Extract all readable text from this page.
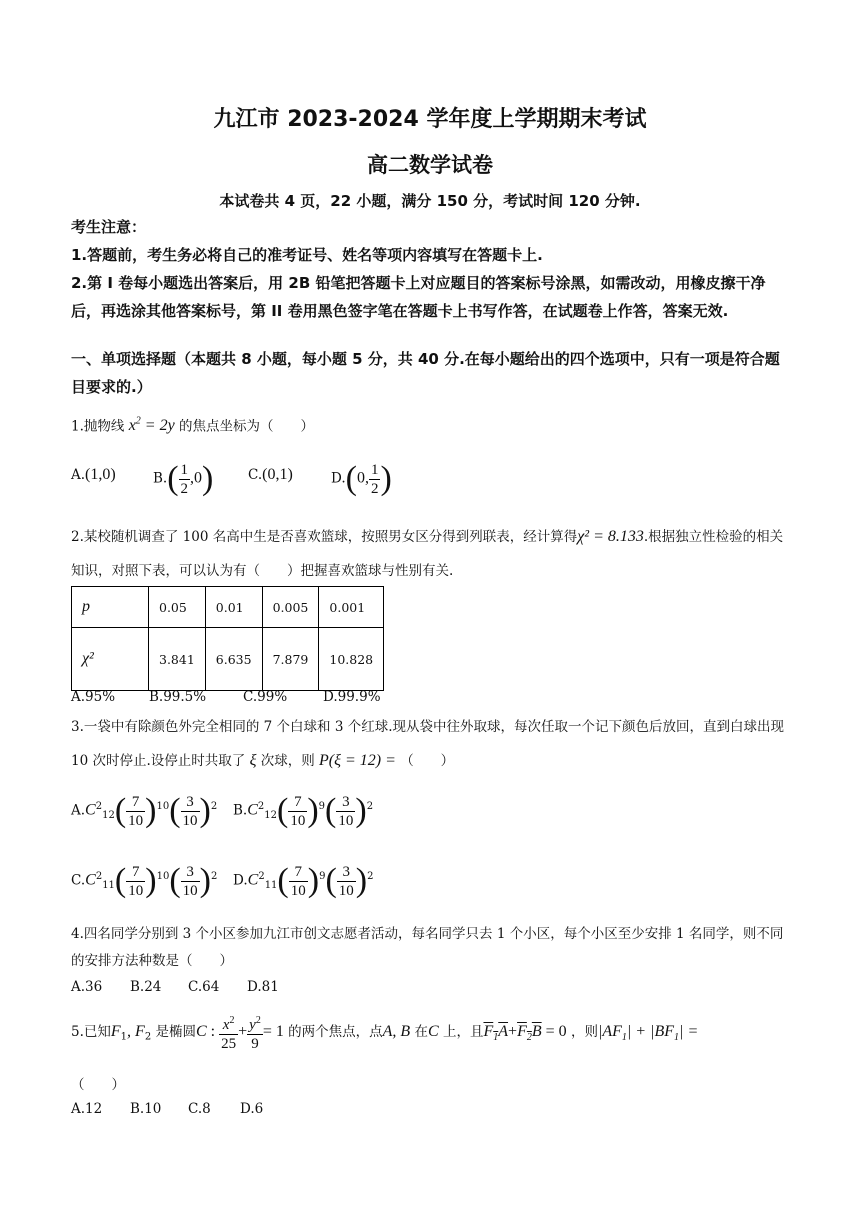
九江市 2023-2024 学年度上学期期末考试
高二数学试卷
本试卷共 4 页，22 小题，满分 150 分，考试时间 120 分钟.
考生注意：
1.答题前，考生务必将自己的准考证号、姓名等项内容填写在答题卡上.
2.第 I 卷每小题选出答案后，用 2B 铅笔把答题卡上对应题目的答案标号涂黑，如需改动，用橡皮擦干净后，再选涂其他答案标号，第 II 卷用黑色签字笔在答题卡上书写作答，在试题卷上作答，答案无效.
一、单项选择题（本题共 8 小题，每小题 5 分，共 40 分.在每小题给出的四个选项中，只有一项是符合题目要求的.）
1.抛物线 $x^2 = 2y$ 的焦点坐标为（　　）
A.(1,0)	$B.( \frac{1}{2} ,0)$	C.(0,1)	D.(0, $\frac{1}{2}$ )
2.某校随机调查了 100 名高中生是否喜欢篮球，按照男女区分得到列联表，经计算得χ² = 8.133.根据独立性检验的相关知识，对照下表，可以认为有（　　）把握喜欢篮球与性别有关.
p	0.05	0.01	0.005	0.001
χ²	3.841	6.635	7.879	10.828
A.95%	B.99.5%	C.99%	D.99.9%
3.一袋中有除颜色外完全相同的 7 个白球和 3 个红球.现从袋中往外取球，每次任取一个记下颜色后放回，直到白球出现 10 次时停止.设停止时共取了 ξ 次球，则 P(ξ = 12) = （　　）
$A.C^2_{12}( \frac{7}{10} )^{10}( \frac{3}{10} )^2$ $B.C^2_{12}( \frac{7}{10} )^9( \frac{3}{10} )^2$
$C.C^2_{11}( \frac{7}{10} )^{10}( \frac{3}{10} )^2$ $D.C^2_{11}( \frac{7}{10} )^9( \frac{3}{10} )^2$
4.四名同学分别到 3 个小区参加九江市创文志愿者活动，每名同学只去 1 个小区，每个小区至少安排 1 名同学，则不同的安排方法种数是（　　）
A.36 B.24 C.64 D.81
5.已知$F_1$, $F_2$ 是椭圆C : $\frac{x^2}{25} + \frac{y^2}{9} = 1$ 的两个焦点，点A, B 在C 上，且$F_1A+F_2B = 0$ ，则$|AF_1| + |BF_1|$ =
（　　）
A.12 B.10 C.8 D.6
